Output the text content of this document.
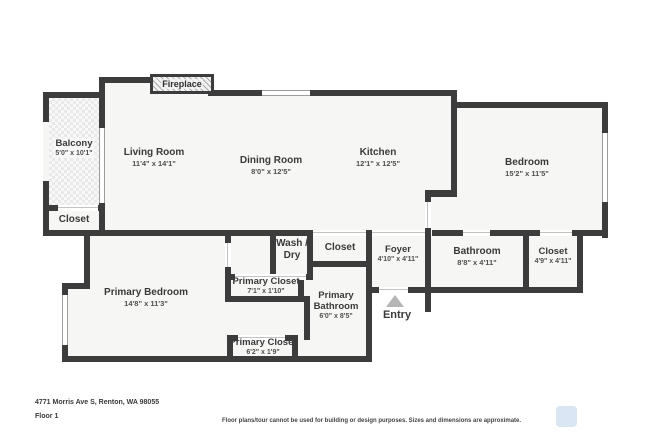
Fireplace
Balcony
5'0" x 10'1"	Living Room
11'4" x 14'1"	Dining Room
8'0" x 12'5"
Kitchen
12'1" x 12'5"	Bedroom
15'2" x 11'5"
Closet
Wash / Dry
Closet	Foyer
4'10" x 4'11"
Bathroom
8'8" x 4'11"
Closet
4'9" x 4'11"
Primary Bedroom
14'8" x 11'3"
Primary Closet
7'1" x 1'10"	Primary Bathroom
6'0" x 8'5"
Primary Closet
6'2" x 1'9"
Entry
4771 Morris Ave S, Renton, WA 98055
Floor 1
Floor plans/tour cannot be used for building or design purposes. Sizes and dimensions are approximate.
